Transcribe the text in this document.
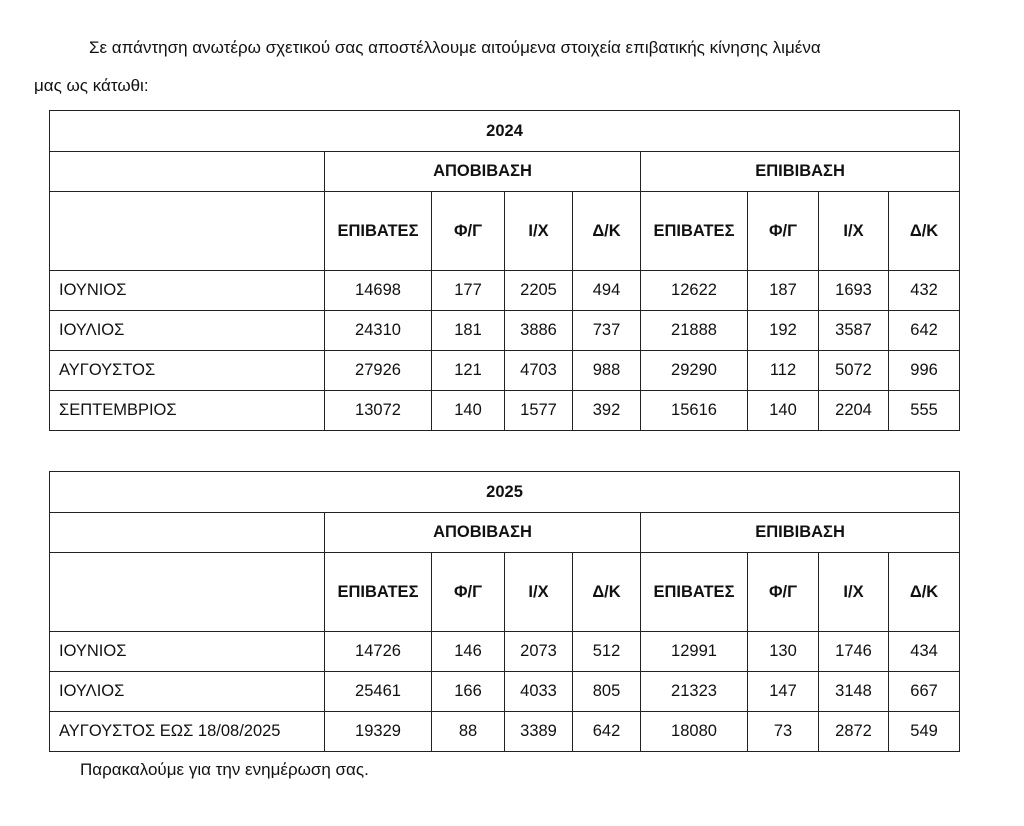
Σε απάντηση ανωτέρω σχετικού σας αποστέλλουμε αιτούμενα στοιχεία επιβατικής κίνησης λιμένα
μας ως κάτωθι:
2024								
	ΑΠΟΒΙΒΑΣΗ				ΕΠΙΒΙΒΑΣΗ			
	ΕΠΙΒΑΤΕΣ	Φ/Γ	Ι/Χ	Δ/Κ	ΕΠΙΒΑΤΕΣ	Φ/Γ	Ι/Χ	Δ/Κ
ΙΟΥΝΙΟΣ	14698	177	2205	494	12622	187	1693	432
ΙΟΥΛΙΟΣ	24310	181	3886	737	21888	192	3587	642
ΑΥΓΟΥΣΤΟΣ	27926	121	4703	988	29290	112	5072	996
ΣΕΠΤΕΜΒΡΙΟΣ	13072	140	1577	392	15616	140	2204	555
2025								
	ΑΠΟΒΙΒΑΣΗ				ΕΠΙΒΙΒΑΣΗ			
	ΕΠΙΒΑΤΕΣ	Φ/Γ	Ι/Χ	Δ/Κ	ΕΠΙΒΑΤΕΣ	Φ/Γ	Ι/Χ	Δ/Κ
ΙΟΥΝΙΟΣ	14726	146	2073	512	12991	130	1746	434
ΙΟΥΛΙΟΣ	25461	166	4033	805	21323	147	3148	667
ΑΥΓΟΥΣΤΟΣ ΕΩΣ 18/08/2025	19329	88	3389	642	18080	73	2872	549
Παρακαλούμε για την ενημέρωση σας.
